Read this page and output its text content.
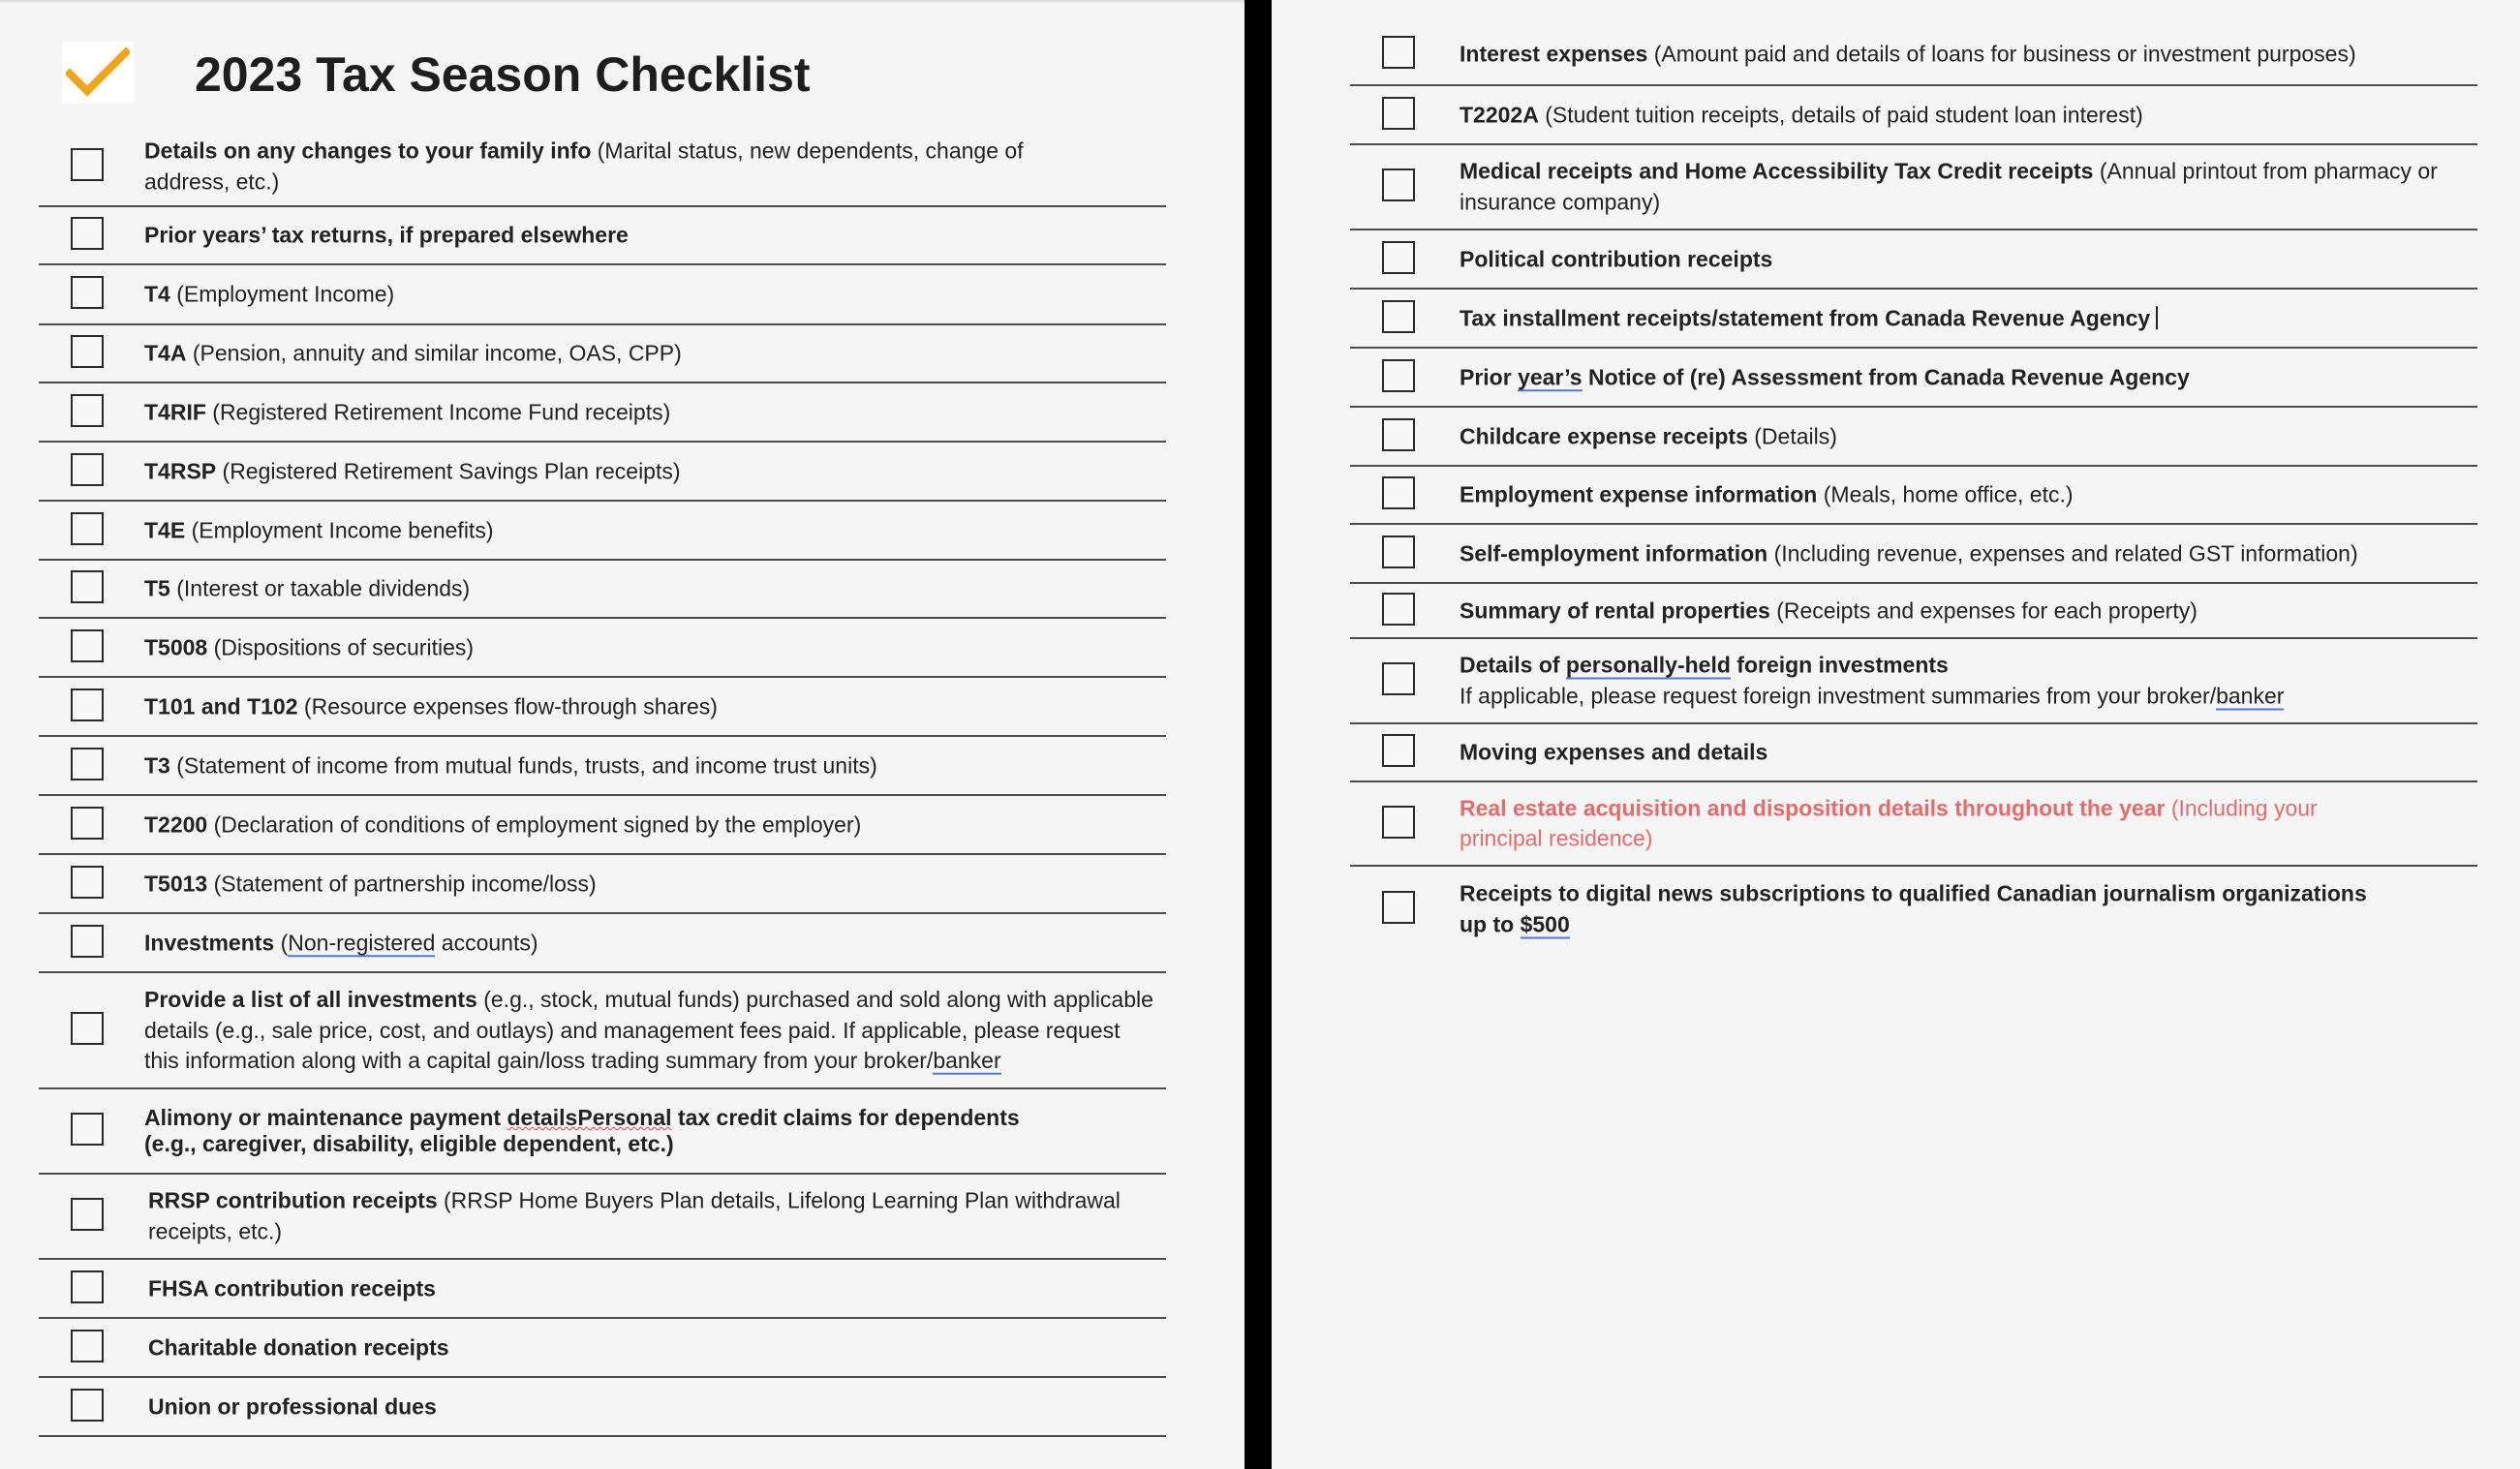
2023 Tax Season Checklist
Details on any changes to your family info (Marital status, new dependents, change of address, etc.)
Prior years’ tax returns, if prepared elsewhere
T4 (Employment Income)
T4A (Pension, annuity and similar income, OAS, CPP)
T4RIF (Registered Retirement Income Fund receipts)
T4RSP (Registered Retirement Savings Plan receipts)
T4E (Employment Income benefits)
T5 (Interest or taxable dividends)
T5008 (Dispositions of securities)
T101 and T102 (Resource expenses flow-through shares)
T3 (Statement of income from mutual funds, trusts, and income trust units)
T2200 (Declaration of conditions of employment signed by the employer)
T5013 (Statement of partnership income/loss)
Investments (Non-registered accounts)
Provide a list of all investments (e.g., stock, mutual funds) purchased and sold along with applicable details (e.g., sale price, cost, and outlays) and management fees paid. If applicable, please request this information along with a capital gain/loss trading summary from your broker/banker
Alimony or maintenance payment detailsPersonal tax credit claims for dependents (e.g., caregiver, disability, eligible dependent, etc.)
RRSP contribution receipts (RRSP Home Buyers Plan details, Lifelong Learning Plan withdrawal receipts, etc.)
FHSA contribution receipts
Charitable donation receipts
Union or professional dues
Interest expenses (Amount paid and details of loans for business or investment purposes)
T2202A (Student tuition receipts, details of paid student loan interest)
Medical receipts and Home Accessibility Tax Credit receipts (Annual printout from pharmacy or insurance company)
Political contribution receipts
Tax installment receipts/statement from Canada Revenue Agency
Prior year’s Notice of (re) Assessment from Canada Revenue Agency
Childcare expense receipts (Details)
Employment expense information (Meals, home office, etc.)
Self-employment information (Including revenue, expenses and related GST information)
Summary of rental properties (Receipts and expenses for each property)
Details of personally-held foreign investments
If applicable, please request foreign investment summaries from your broker/banker
Moving expenses and details
Real estate acquisition and disposition details throughout the year (Including your principal residence)
Receipts to digital news subscriptions to qualified Canadian journalism organizations up to $500
